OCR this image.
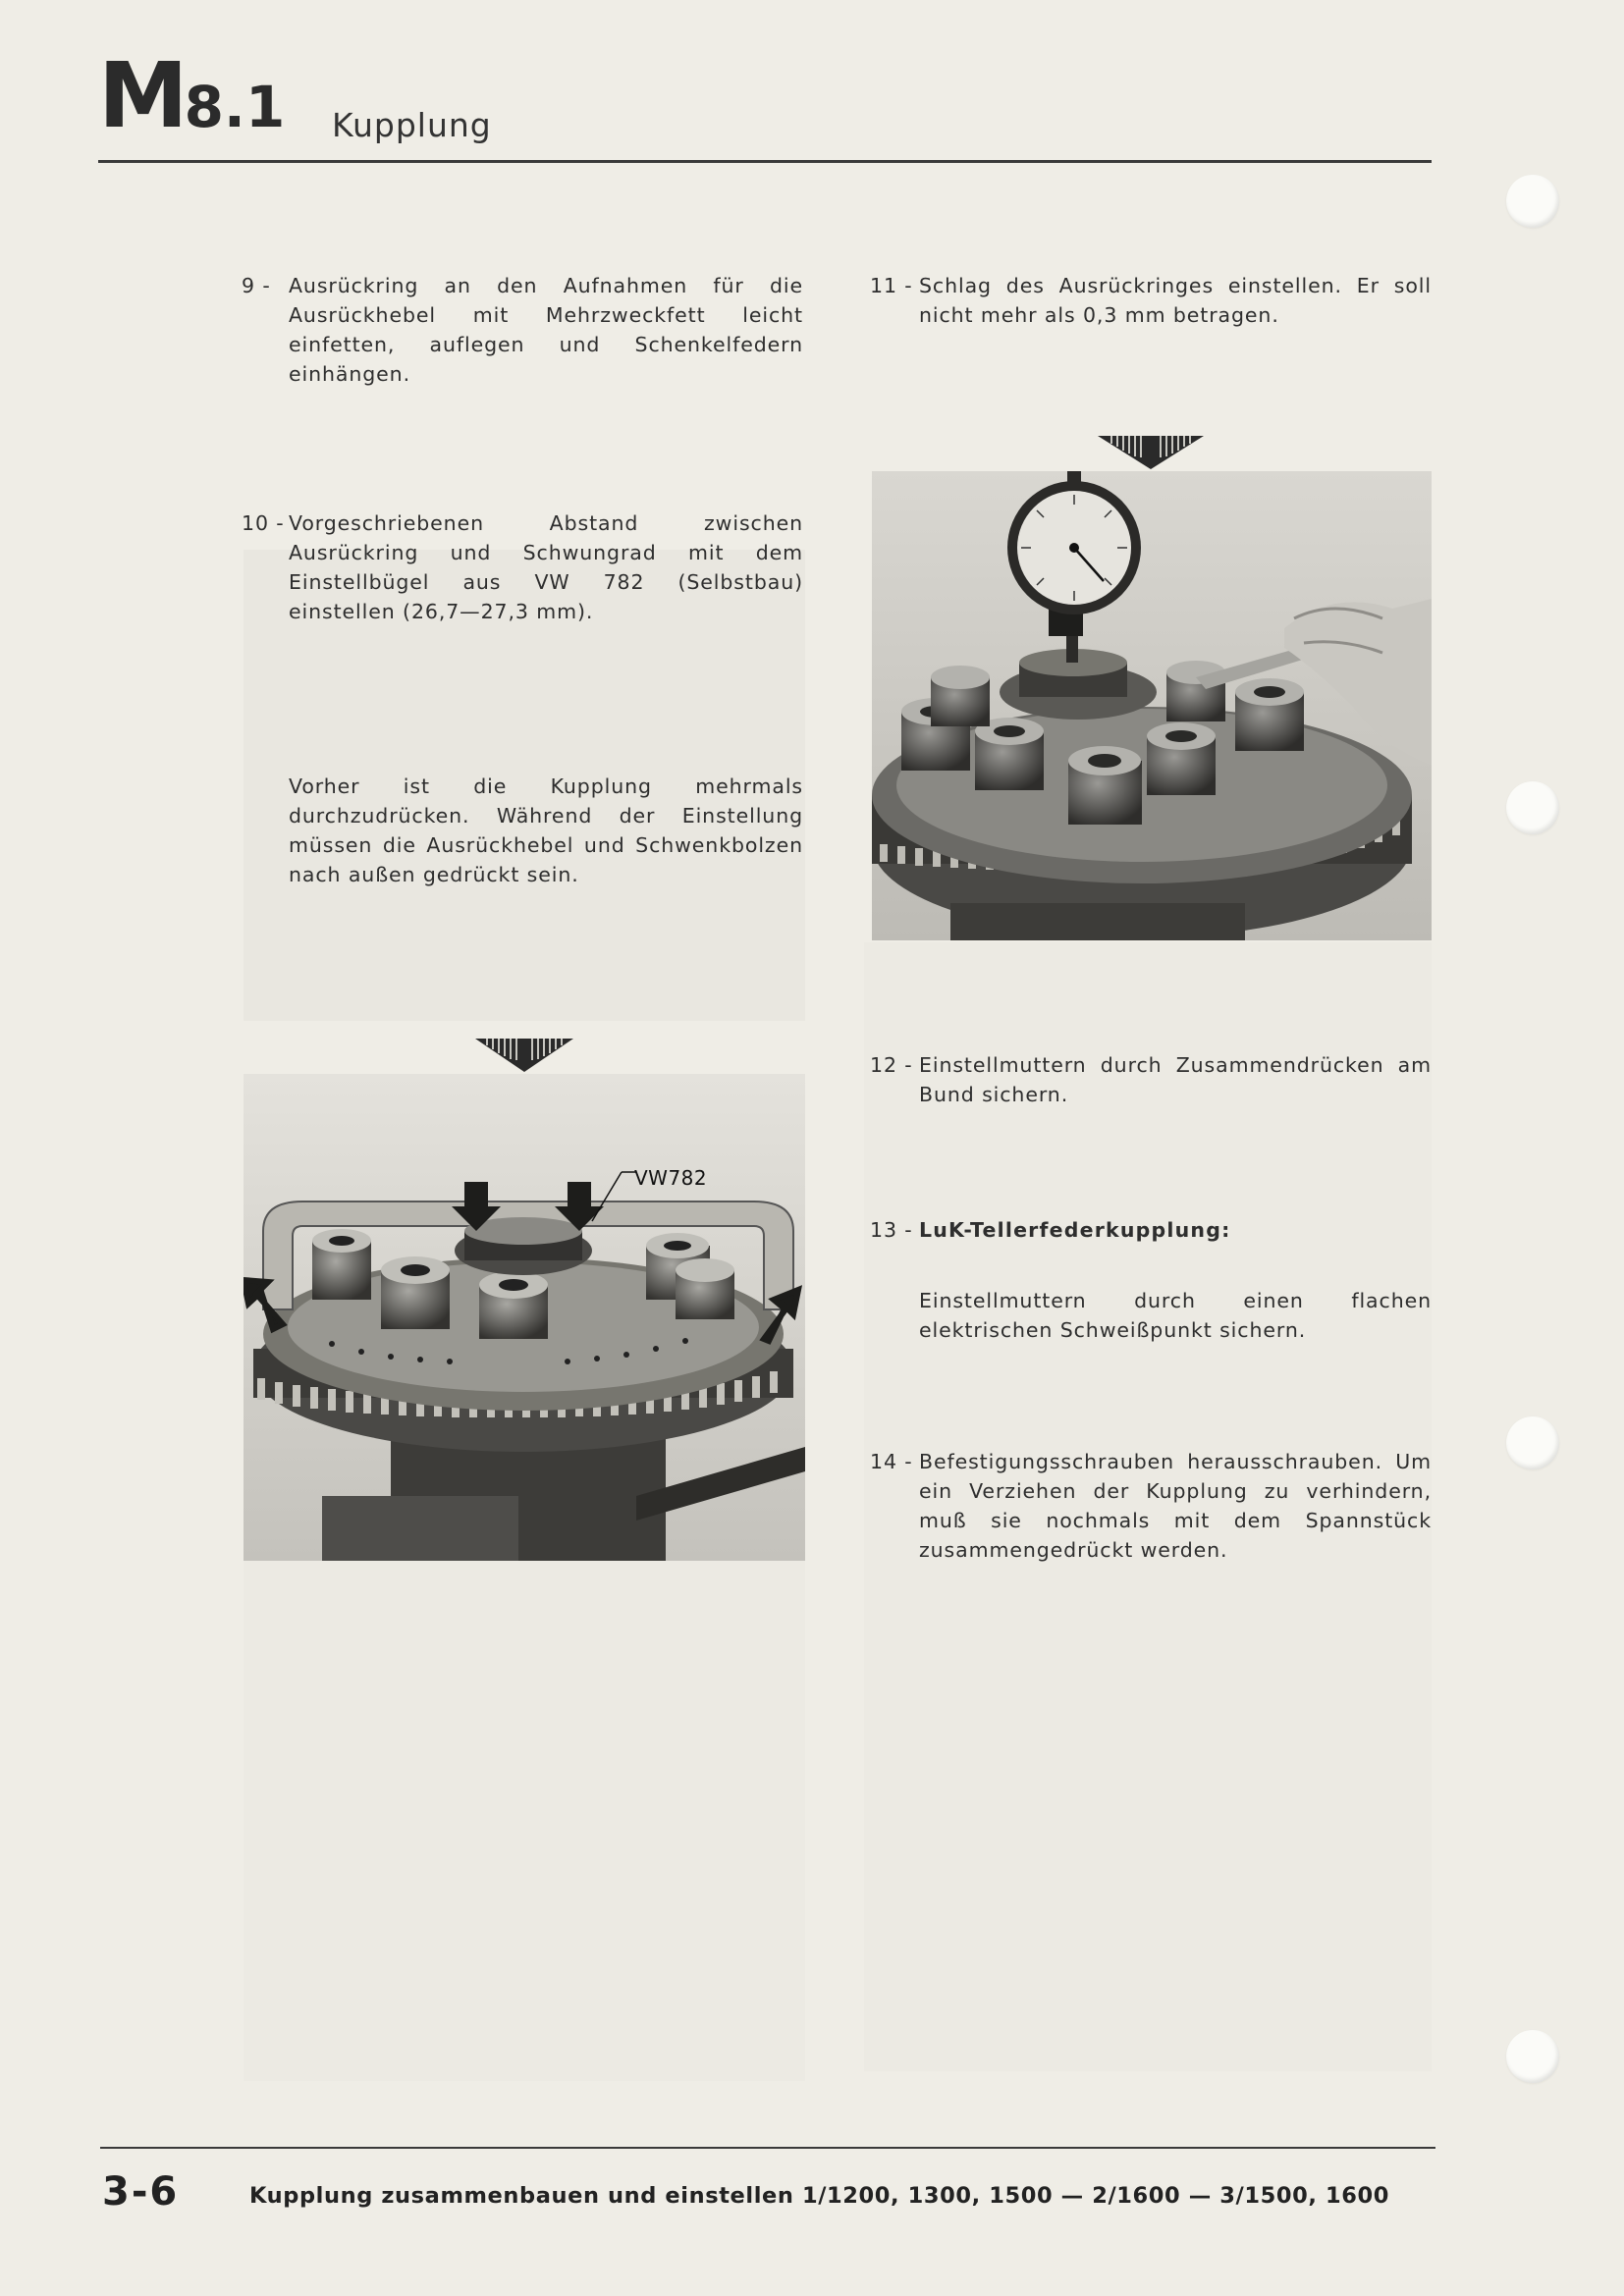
M8.1 Kupplung
9 - Ausrückring an den Aufnahmen für die Ausrückhebel mit Mehrzweckfett leicht einfetten, auflegen und Schenkelfedern einhängen.
10 - Vorgeschriebenen Abstand zwischen Ausrückring und Schwungrad mit dem Einstellbügel aus VW 782 (Selbstbau) einstellen (26,7—27,3 mm).
Vorher ist die Kupplung mehrmals durchzudrücken. Während der Einstellung müssen die Ausrückhebel und Schwenkbolzen nach außen gedrückt sein.
11 - Schlag des Ausrückringes einstellen. Er soll nicht mehr als 0,3 mm betragen.
12 - Einstellmuttern durch Zusammendrücken am Bund sichern.
13 - LuK-Tellerfederkupplung:
Einstellmuttern durch einen flachen elektrischen Schweißpunkt sichern.
14 - Befestigungsschrauben herausschrauben. Um ein Verziehen der Kupplung zu verhindern, muß sie nochmals mit dem Spannstück zusammengedrückt werden.
VW782
3-6	Kupplung zusammenbauen und einstellen 1/1200, 1300, 1500 — 2/1600 — 3/1500, 1600
